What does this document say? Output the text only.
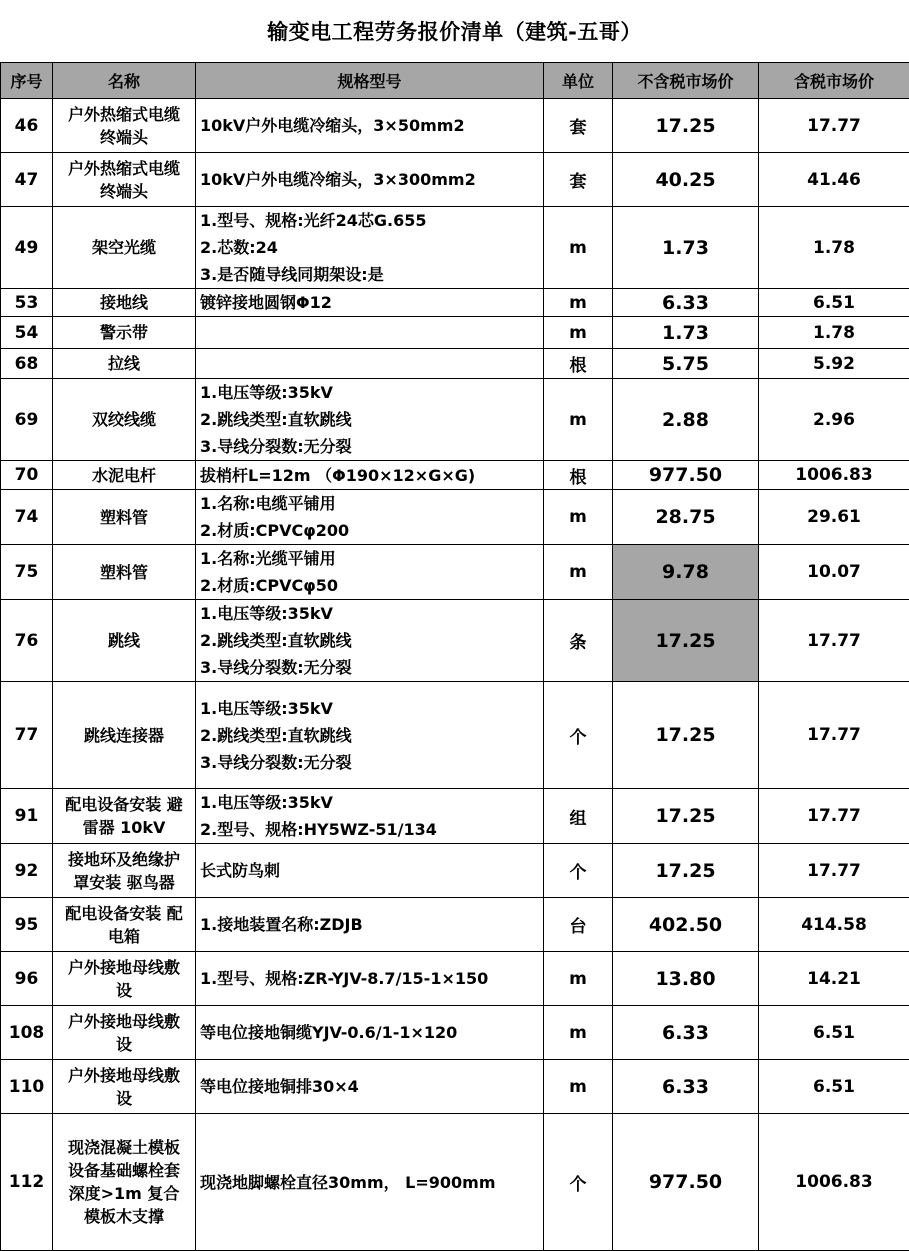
输变电工程劳务报价清单（建筑-五哥）
序号	名称	规格型号	单位	不含税市场价	含税市场价
46	户外热缩式电缆
终端头	10kV户外电缆冷缩头，3×50mm2	套	17.25	17.77
47	户外热缩式电缆
终端头	10kV户外电缆冷缩头，3×300mm2	套	40.25	41.46
49	架空光缆	1.型号、规格:光纤24芯G.655
2.芯数:24
3.是否随导线同期架设:是	m	1.73	1.78
53	接地线	镀锌接地圆钢Φ12	m	6.33	6.51
54	警示带		m	1.73	1.78
68	拉线		根	5.75	5.92
69	双绞线缆	1.电压等级:35kV
2.跳线类型:直软跳线
3.导线分裂数:无分裂	m	2.88	2.96
70	水泥电杆	拔梢杆L=12m （Φ190×12×G×G)	根	977.50	1006.83
74	塑料管	1.名称:电缆平铺用
2.材质:CPVCφ200	m	28.75	29.61
75	塑料管	1.名称:光缆平铺用
2.材质:CPVCφ50	m	9.78	10.07
76	跳线	1.电压等级:35kV
2.跳线类型:直软跳线
3.导线分裂数:无分裂	条	17.25	17.77
77	跳线连接器	1.电压等级:35kV
2.跳线类型:直软跳线
3.导线分裂数:无分裂	个	17.25	17.77
91	配电设备安装 避
雷器 10kV	1.电压等级:35kV
2.型号、规格:HY5WZ-51/134	组	17.25	17.77
92	接地环及绝缘护
罩安装 驱鸟器	长式防鸟刺	个	17.25	17.77
95	配电设备安装 配
电箱	1.接地装置名称:ZDJB	台	402.50	414.58
96	户外接地母线敷
设	1.型号、规格:ZR-YJV-8.7/15-1×150	m	13.80	14.21
108	户外接地母线敷
设	等电位接地铜缆YJV-0.6/1-1×120	m	6.33	6.51
110	户外接地母线敷
设	等电位接地铜排30×4	m	6.33	6.51
112	现浇混凝土模板
设备基础螺栓套
深度>1m 复合
模板木支撑	现浇地脚螺栓直径30mm， L=900mm	个	977.50	1006.83
